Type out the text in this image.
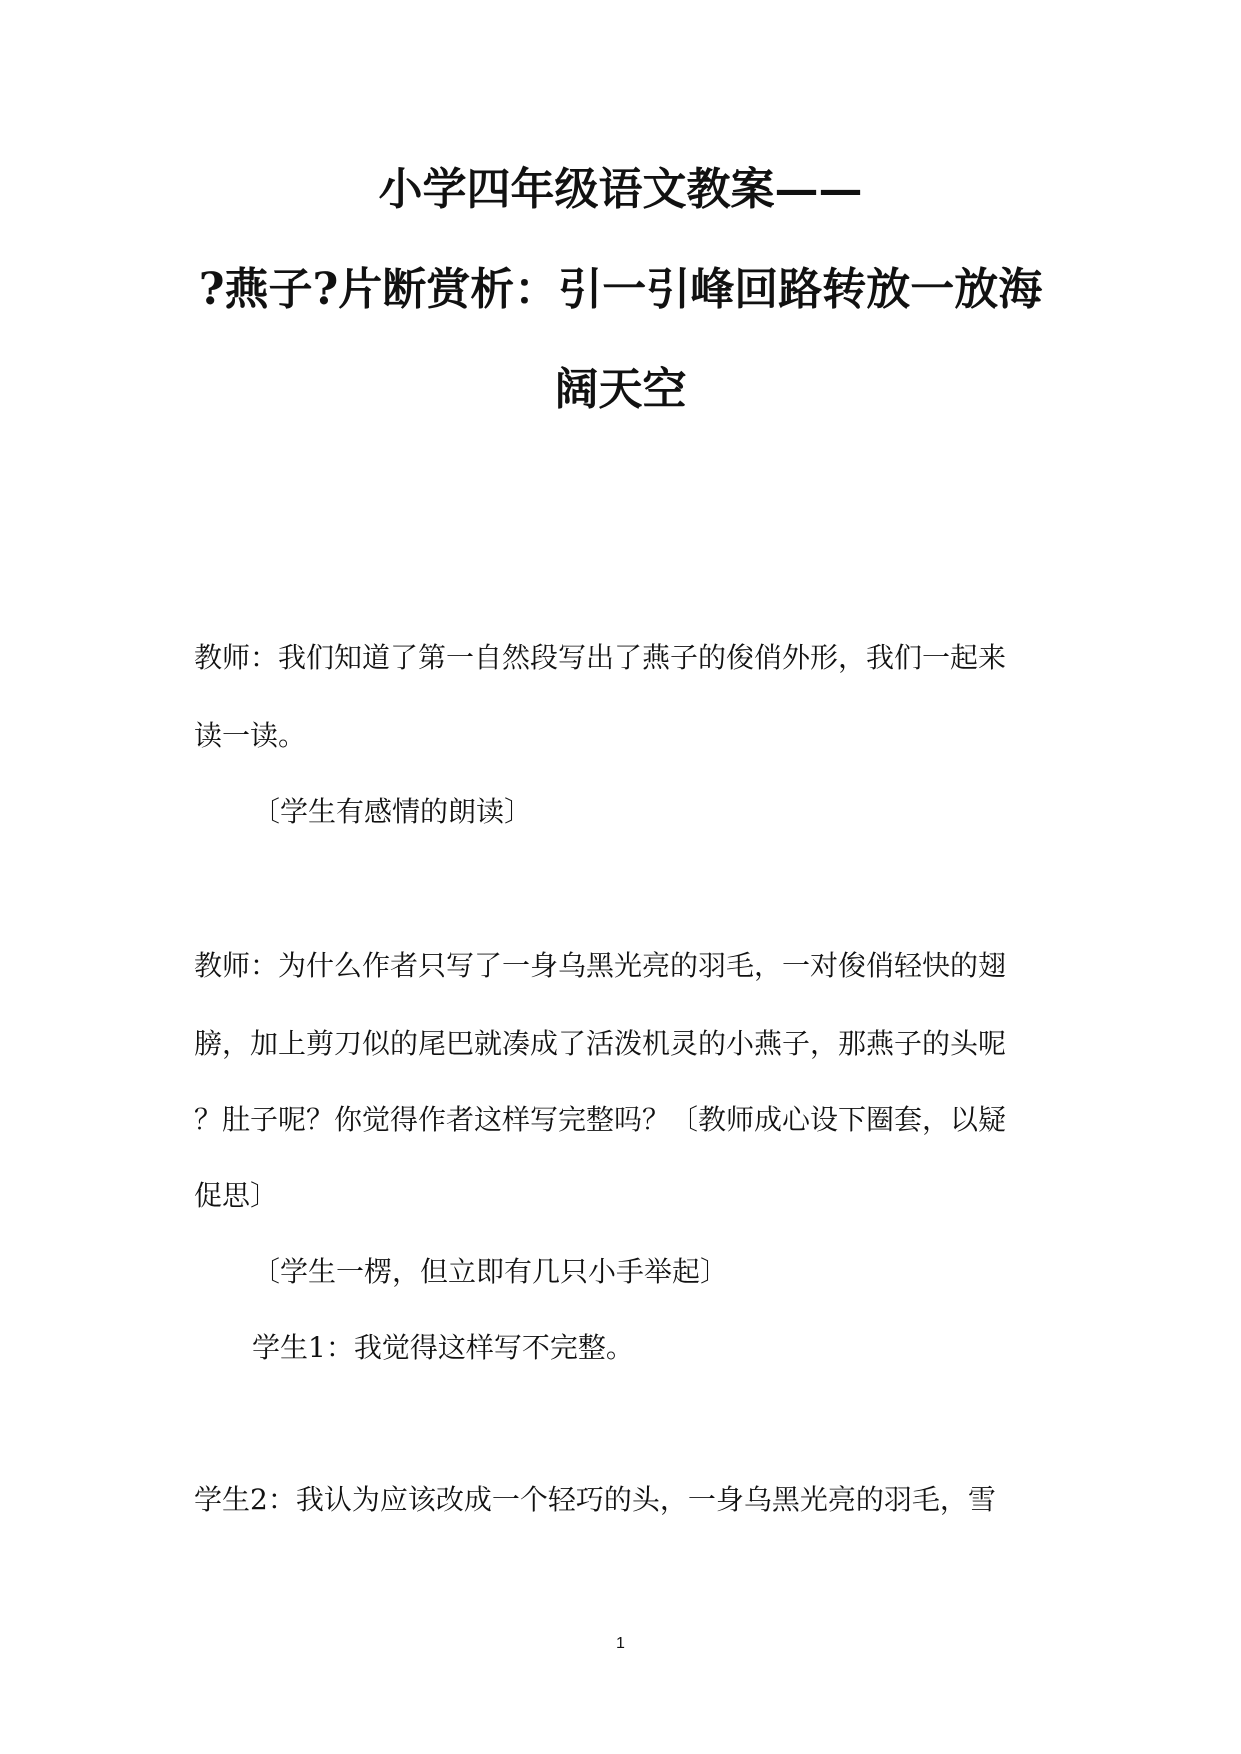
小学四年级语文教案——
?燕子?片断赏析：引一引峰回路转放一放海
阔天空
教师：我们知道了第一自然段写出了燕子的俊俏外形，我们一起来
读一读。
〔学生有感情的朗读〕
教师：为什么作者只写了一身乌黑光亮的羽毛，一对俊俏轻快的翅
膀，加上剪刀似的尾巴就凑成了活泼机灵的小燕子，那燕子的头呢
？肚子呢？你觉得作者这样写完整吗？〔教师成心设下圈套，以疑
促思〕
〔学生一楞，但立即有几只小手举起〕
学生1：我觉得这样写不完整。
学生2：我认为应该改成一个轻巧的头，一身乌黑光亮的羽毛，雪
1
